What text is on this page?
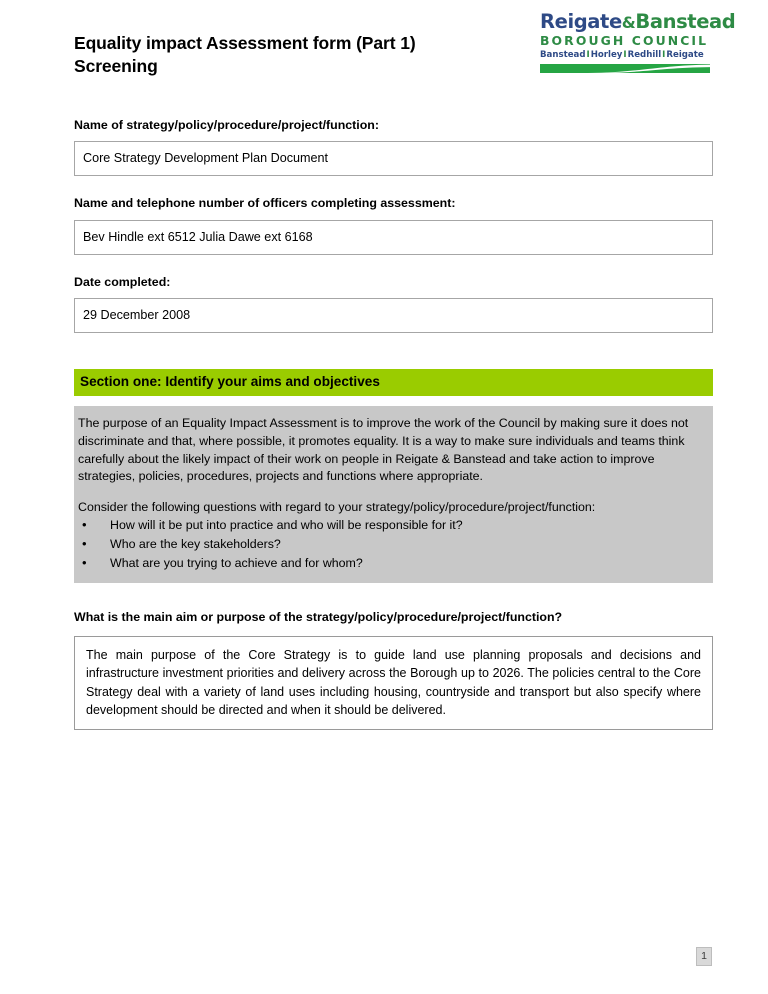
Reigate&Banstead
BOROUGH COUNCIL
BansteadIHorleyIRedhillIReigate
Equality impact Assessment form (Part 1)
Screening
Name of strategy/policy/procedure/project/function:
Core Strategy Development Plan Document
Name and telephone number of officers completing assessment:
Bev Hindle ext 6512 Julia Dawe ext 6168
Date completed:
29 December 2008
Section one: Identify your aims and objectives

The purpose of an Equality Impact Assessment is to improve the work of the Council by making sure it does not discriminate and that, where possible, it promotes equality. It is a way to make sure individuals and teams think carefully about the likely impact of their work on people in Reigate & Banstead and take action to improve strategies, policies, procedures, projects and functions where appropriate.

Consider the following questions with regard to your strategy/policy/procedure/project/function:

• How will it be put into practice and who will be responsible for it?
• Who are the key stakeholders?
• What are you trying to achieve and for whom?
What is the main aim or purpose of the strategy/policy/procedure/project/function?
The main purpose of the Core Strategy is to guide land use planning proposals and decisions and infrastructure investment priorities and delivery across the Borough up to 2026. The policies central to the Core Strategy deal with a variety of land uses including housing, countryside and transport but also specify where development should be directed and when it should be delivered.
1
